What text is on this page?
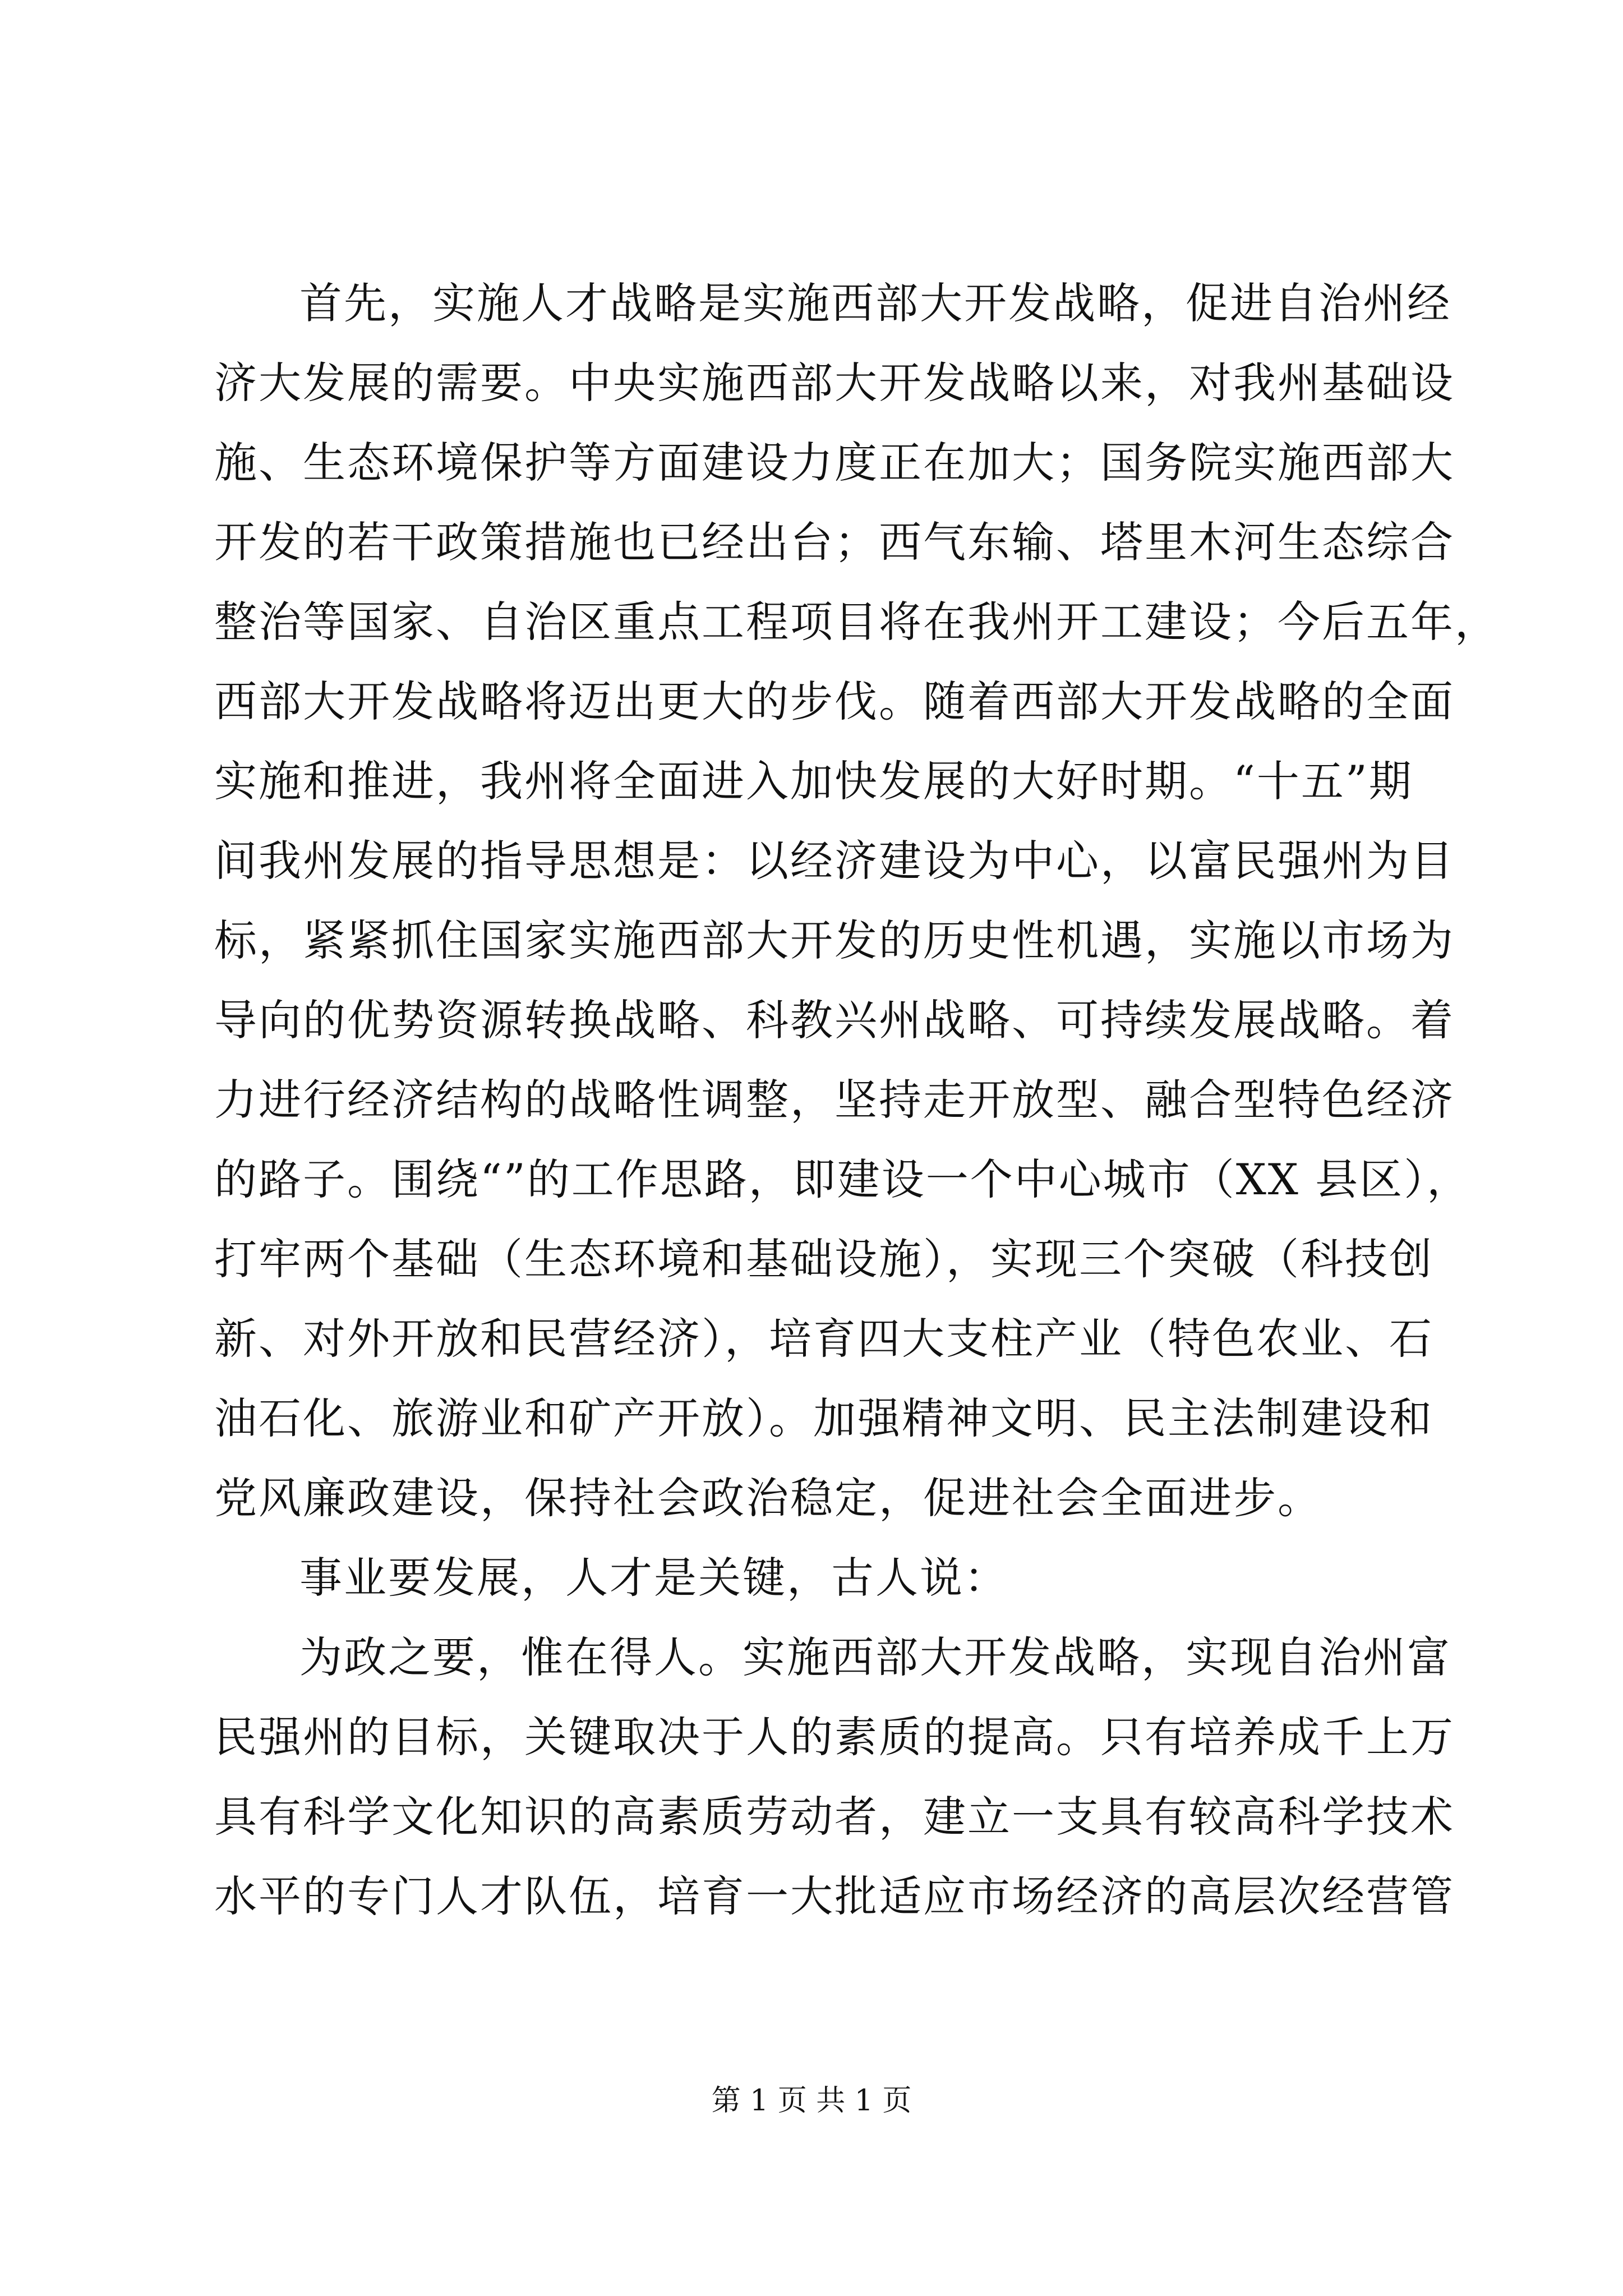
首先，实施人才战略是实施西部大开发战略，促进自治州经
济大发展的需要。中央实施西部大开发战略以来，对我州基础设
施、生态环境保护等方面建设力度正在加大；国务院实施西部大
开发的若干政策措施也已经出台；西气东输、塔里木河生态综合
整治等国家、自治区重点工程项目将在我州开工建设；今后五年，
西部大开发战略将迈出更大的步伐。随着西部大开发战略的全面
实施和推进，我州将全面进入加快发展的大好时期。“十五”期
间我州发展的指导思想是：以经济建设为中心，以富民强州为目
标，紧紧抓住国家实施西部大开发的历史性机遇，实施以市场为
导向的优势资源转换战略、科教兴州战略、可持续发展战略。着
力进行经济结构的战略性调整，坚持走开放型、融合型特色经济
的路子。围绕“”的工作思路，即建设一个中心城市（XX 县区），
打牢两个基础（生态环境和基础设施），实现三个突破（科技创
新、对外开放和民营经济），培育四大支柱产业（特色农业、石
油石化、旅游业和矿产开放）。加强精神文明、民主法制建设和
党风廉政建设，保持社会政治稳定，促进社会全面进步。
事业要发展，人才是关键，古人说：
为政之要，惟在得人。实施西部大开发战略，实现自治州富
民强州的目标，关键取决于人的素质的提高。只有培养成千上万
具有科学文化知识的高素质劳动者，建立一支具有较高科学技术
水平的专门人才队伍，培育一大批适应市场经济的高层次经营管
第 1 页 共 1 页
